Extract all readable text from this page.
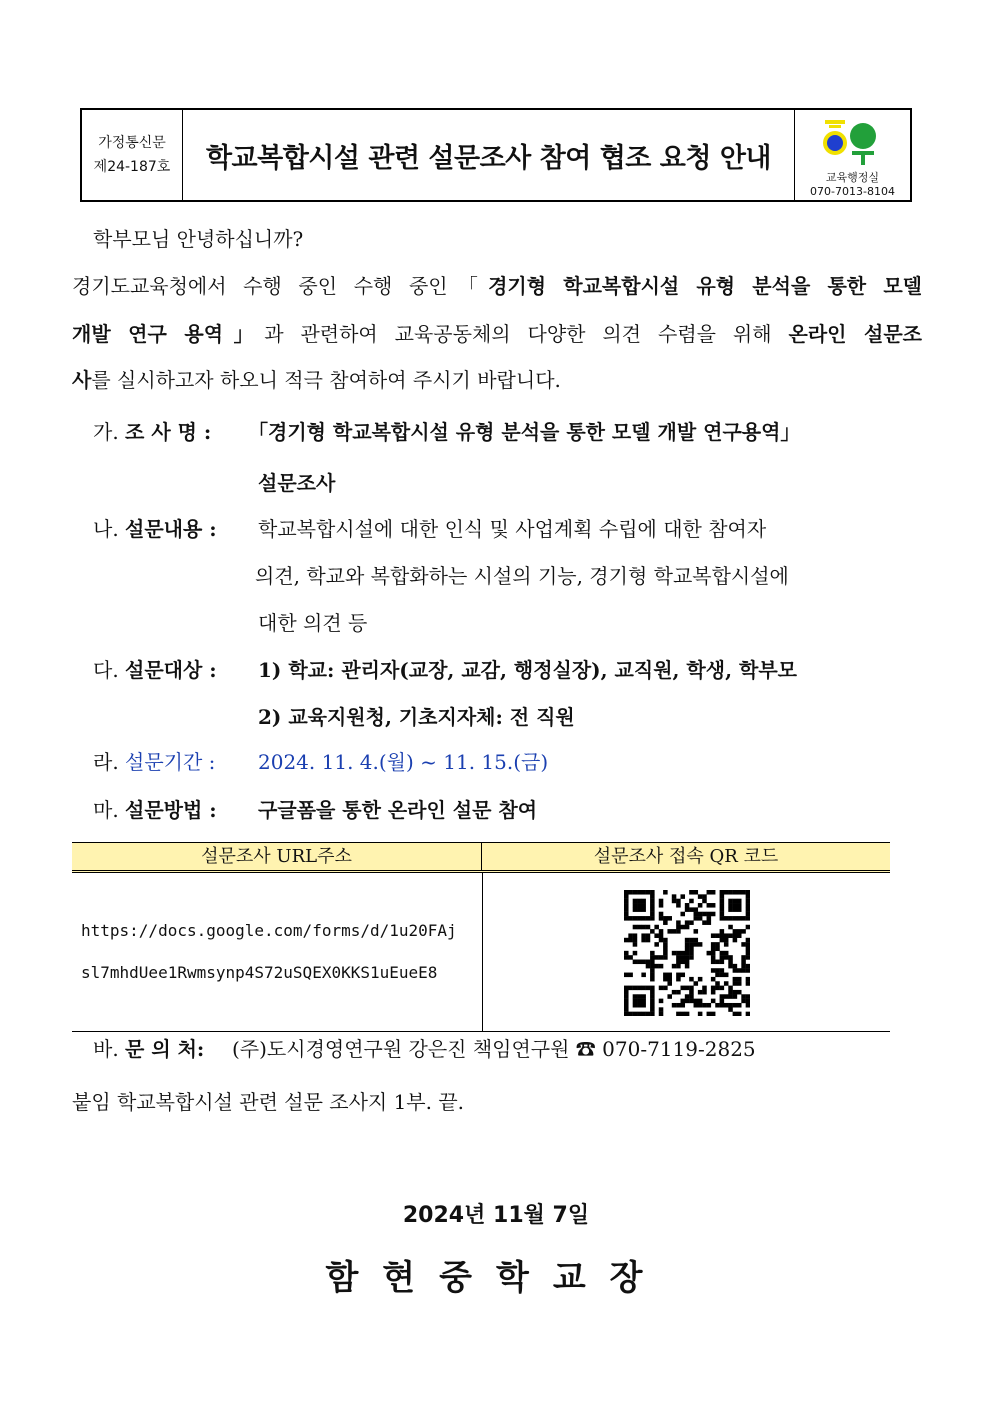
가정통신문
제24-187호	학교복합시설 관련 설문조사 참여 협조 요청 안내
교육행정실
070-7013-8104
학부모님 안녕하십니까?
경기도교육청에서 수행 중인 수행 중인「경기형 학교복합시설 유형 분석을 통한 모델
개발 연구 용역」과 관련하여 교육공동체의 다양한 의견 수렴을 위해 온라인 설문조
사를 실시하고자 하오니 적극 참여하여 주시기 바랍니다.
가. 조 사 명 : 「경기형 학교복합시설 유형 분석을 통한 모델 개발 연구용역」
설문조사
나. 설문내용 : 학교복합시설에 대한 인식 및 사업계획 수립에 대한 참여자
의견, 학교와 복합화하는 시설의 기능, 경기형 학교복합시설에
대한 의견 등
다. 설문대상 : 1) 학교: 관리자(교장, 교감, 행정실장), 교직원, 학생, 학부모
2) 교육지원청, 기초지자체: 전 직원
라. 설문기간 : 2024. 11. 4.(월) ~ 11. 15.(금)
마. 설문방법 : 구글폼을 통한 온라인 설문 참여
설문조사 URL주소	설문조사 접속 QR 코드
https://docs.google.com/forms/d/1u20FAj
sl7mhdUee1Rwmsynp4S72uSQEX0KKS1uEueE8
바. 문 의 처: (주)도시경영연구원 강은진 책임연구원 ☎ 070-7119-2825
붙임 학교복합시설 관련 설문 조사지 1부. 끝.
2024년 11월 7일
함현중학교장
